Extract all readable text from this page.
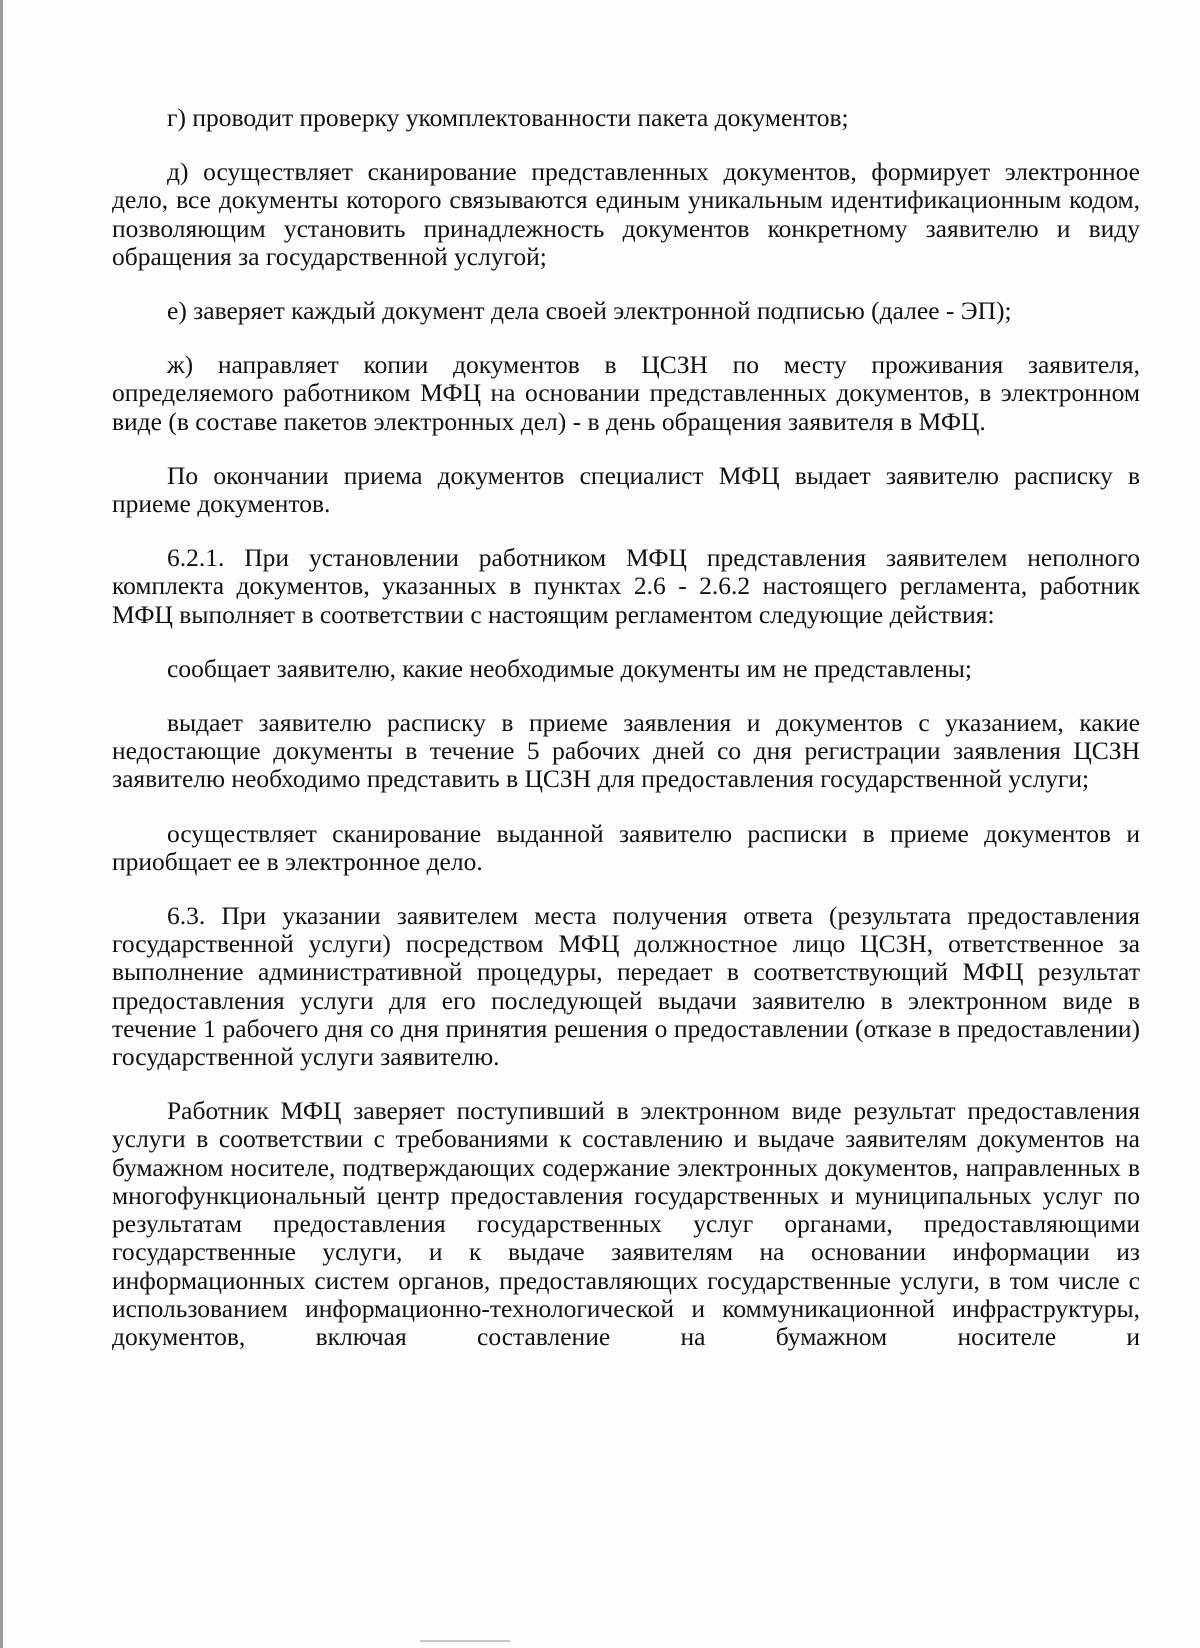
г) проводит проверку укомплектованности пакета документов;

д) осуществляет сканирование представленных документов, формирует электронное дело, все документы которого связываются единым уникальным идентификационным кодом, позволяющим установить принадлежность документов конкретному заявителю и виду обращения за государственной услугой;

е) заверяет каждый документ дела своей электронной подписью (далее - ЭП);

ж) направляет копии документов в ЦСЗН по месту проживания заявителя, определяемого работником МФЦ на основании представленных документов, в электронном виде (в составе пакетов электронных дел) - в день обращения заявителя в МФЦ.

По окончании приема документов специалист МФЦ выдает заявителю расписку в приеме документов.

6.2.1. При установлении работником МФЦ представления заявителем неполного комплекта документов, указанных в пунктах 2.6 - 2.6.2 настоящего регламента, работник МФЦ выполняет в соответствии с настоящим регламентом следующие действия:

сообщает заявителю, какие необходимые документы им не представлены;

выдает заявителю расписку в приеме заявления и документов с указанием, какие недостающие документы в течение 5 рабочих дней со дня регистрации заявления ЦСЗН заявителю необходимо представить в ЦСЗН для предоставления государственной услуги;

осуществляет сканирование выданной заявителю расписки в приеме документов и приобщает ее в электронное дело.

6.3. При указании заявителем места получения ответа (результата предоставления государственной услуги) посредством МФЦ должностное лицо ЦСЗН, ответственное за выполнение административной процедуры, передает в соответствующий МФЦ результат предоставления услуги для его последующей выдачи заявителю в электронном виде в течение 1 рабочего дня со дня принятия решения о предоставлении (отказе в предоставлении) государственной услуги заявителю.

Работник МФЦ заверяет поступивший в электронном виде результат предоставления услуги в соответствии с требованиями к составлению и выдаче заявителям документов на бумажном носителе, подтверждающих содержание электронных документов, направленных в многофункциональный центр предоставления государственных и муниципальных услуг по результатам предоставления государственных услуг органами, предоставляющими государственные услуги, и к выдаче заявителям на основании информации из информационных систем органов, предоставляющих государственные услуги, в том числе с использованием информационно-технологической и коммуникационной инфраструктуры, документов, включая составление на бумажном носителе и
